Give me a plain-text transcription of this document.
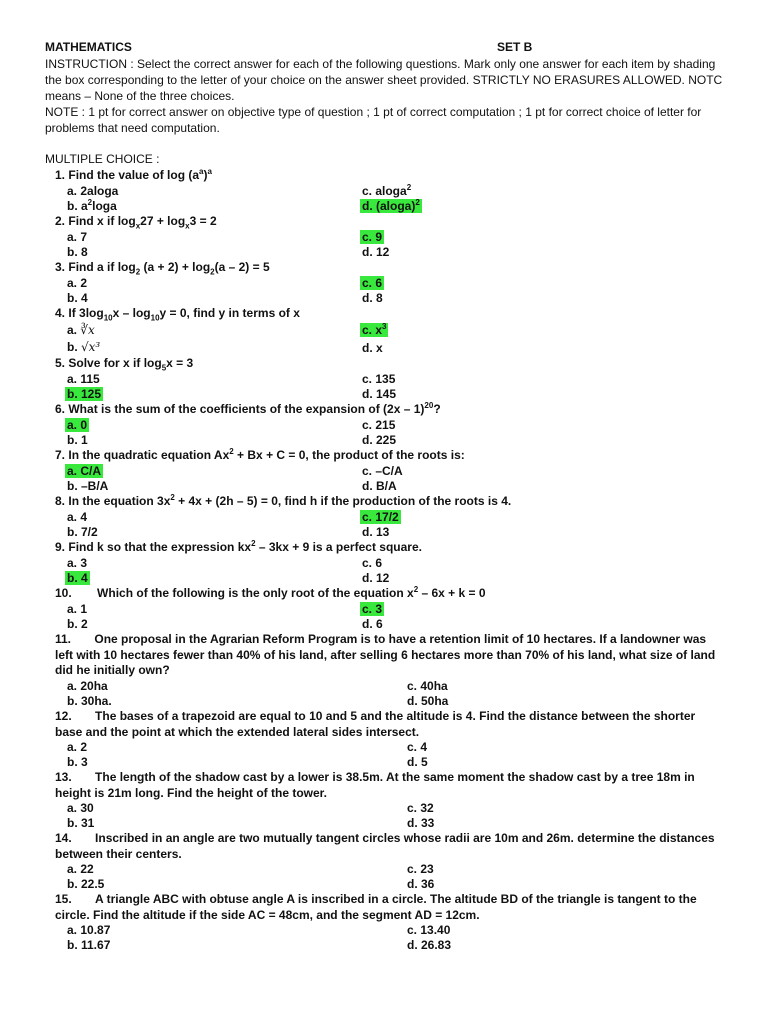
MATHEMATICS	SET B
INSTRUCTION : Select the correct answer for each of the following questions. Mark only one answer for each item by shading the box corresponding to the letter of your choice on the answer sheet provided. STRICTLY NO ERASURES ALLOWED. NOTC means – None of the three choices.
NOTE : 1 pt for correct answer on objective type of question ; 1 pt of correct computation ; 1 pt for correct choice of letter for problems that need computation.
MULTIPLE CHOICE :
1. Find the value of $\log (a^a)^a$
a. 2aloga	c. aloga$^2$
b. $a^2\log a$	d. $(aloga)^2$
2. Find x if $\log_x27 + \log_x3 = 2$
a. 7	c. 9
b. 8	d. 12
3. Find a if $\log_2 (a + 2) + \log_2(a - 2) = 5$
a. 2	c. 6
b. 4	d. 8
4. If $3\log_{10}x - \log_{10}y = 0$, find y in terms of x
a. ∛x	c. $x^3$
b. √x³	d. x
5. Solve for x if $\log_5x = 3$
a. 115	c. 135
b. 125	d. 145
6. What is the sum of the coefficients of the expansion of (2x – 1)$^{20}$?
a. 0	c. 215
b. 1	d. 225
7. In the quadratic equation $Ax^2 + Bx + C = 0$, the product of the roots is:
a. C/A	c. –C/A
b. –B/A	d. B/A
8. In the equation $3x^2 + 4x + (2h - 5) = 0$, find h if the production of the roots is 4.
a. 4	c. 17/2
b. 7/2	d. 13
9. Find k so that the expression $kx^2 - 3kx + 9$ is a perfect square.
a. 3	c. 6
b. 4	d. 12
10. Which of the following is the only root of the equation $x^2 - 6x + k = 0$
a. 1	c. 3
b. 2	d. 6
11. One proposal in the Agrarian Reform Program is to have a retention limit of 10 hectares. If a landowner was left with 10 hectares fewer than 40% of his land, after selling 6 hectares more than 70% of his land, what size of land did he initially own?
a. 20ha	c. 40ha
b. 30ha.	d. 50ha
12. The bases of a trapezoid are equal to 10 and 5 and the altitude is 4. Find the distance between the shorter base and the point at which the extended lateral sides intersect.
a. 2	c. 4
b. 3	d. 5
13. The length of the shadow cast by a lower is 38.5m. At the same moment the shadow cast by a tree 18m in height is 21m long. Find the height of the tower.
a. 30	c. 32
b. 31	d. 33
14. Inscribed in an angle are two mutually tangent circles whose radii are 10m and 26m. determine the distances between their centers.
a. 22	c. 23
b. 22.5	d. 36
15. A triangle ABC with obtuse angle A is inscribed in a circle. The altitude BD of the triangle is tangent to the circle. Find the altitude if the side AC = 48cm, and the segment AD = 12cm.
a. 10.87	c. 13.40
b. 11.67	d. 26.83
